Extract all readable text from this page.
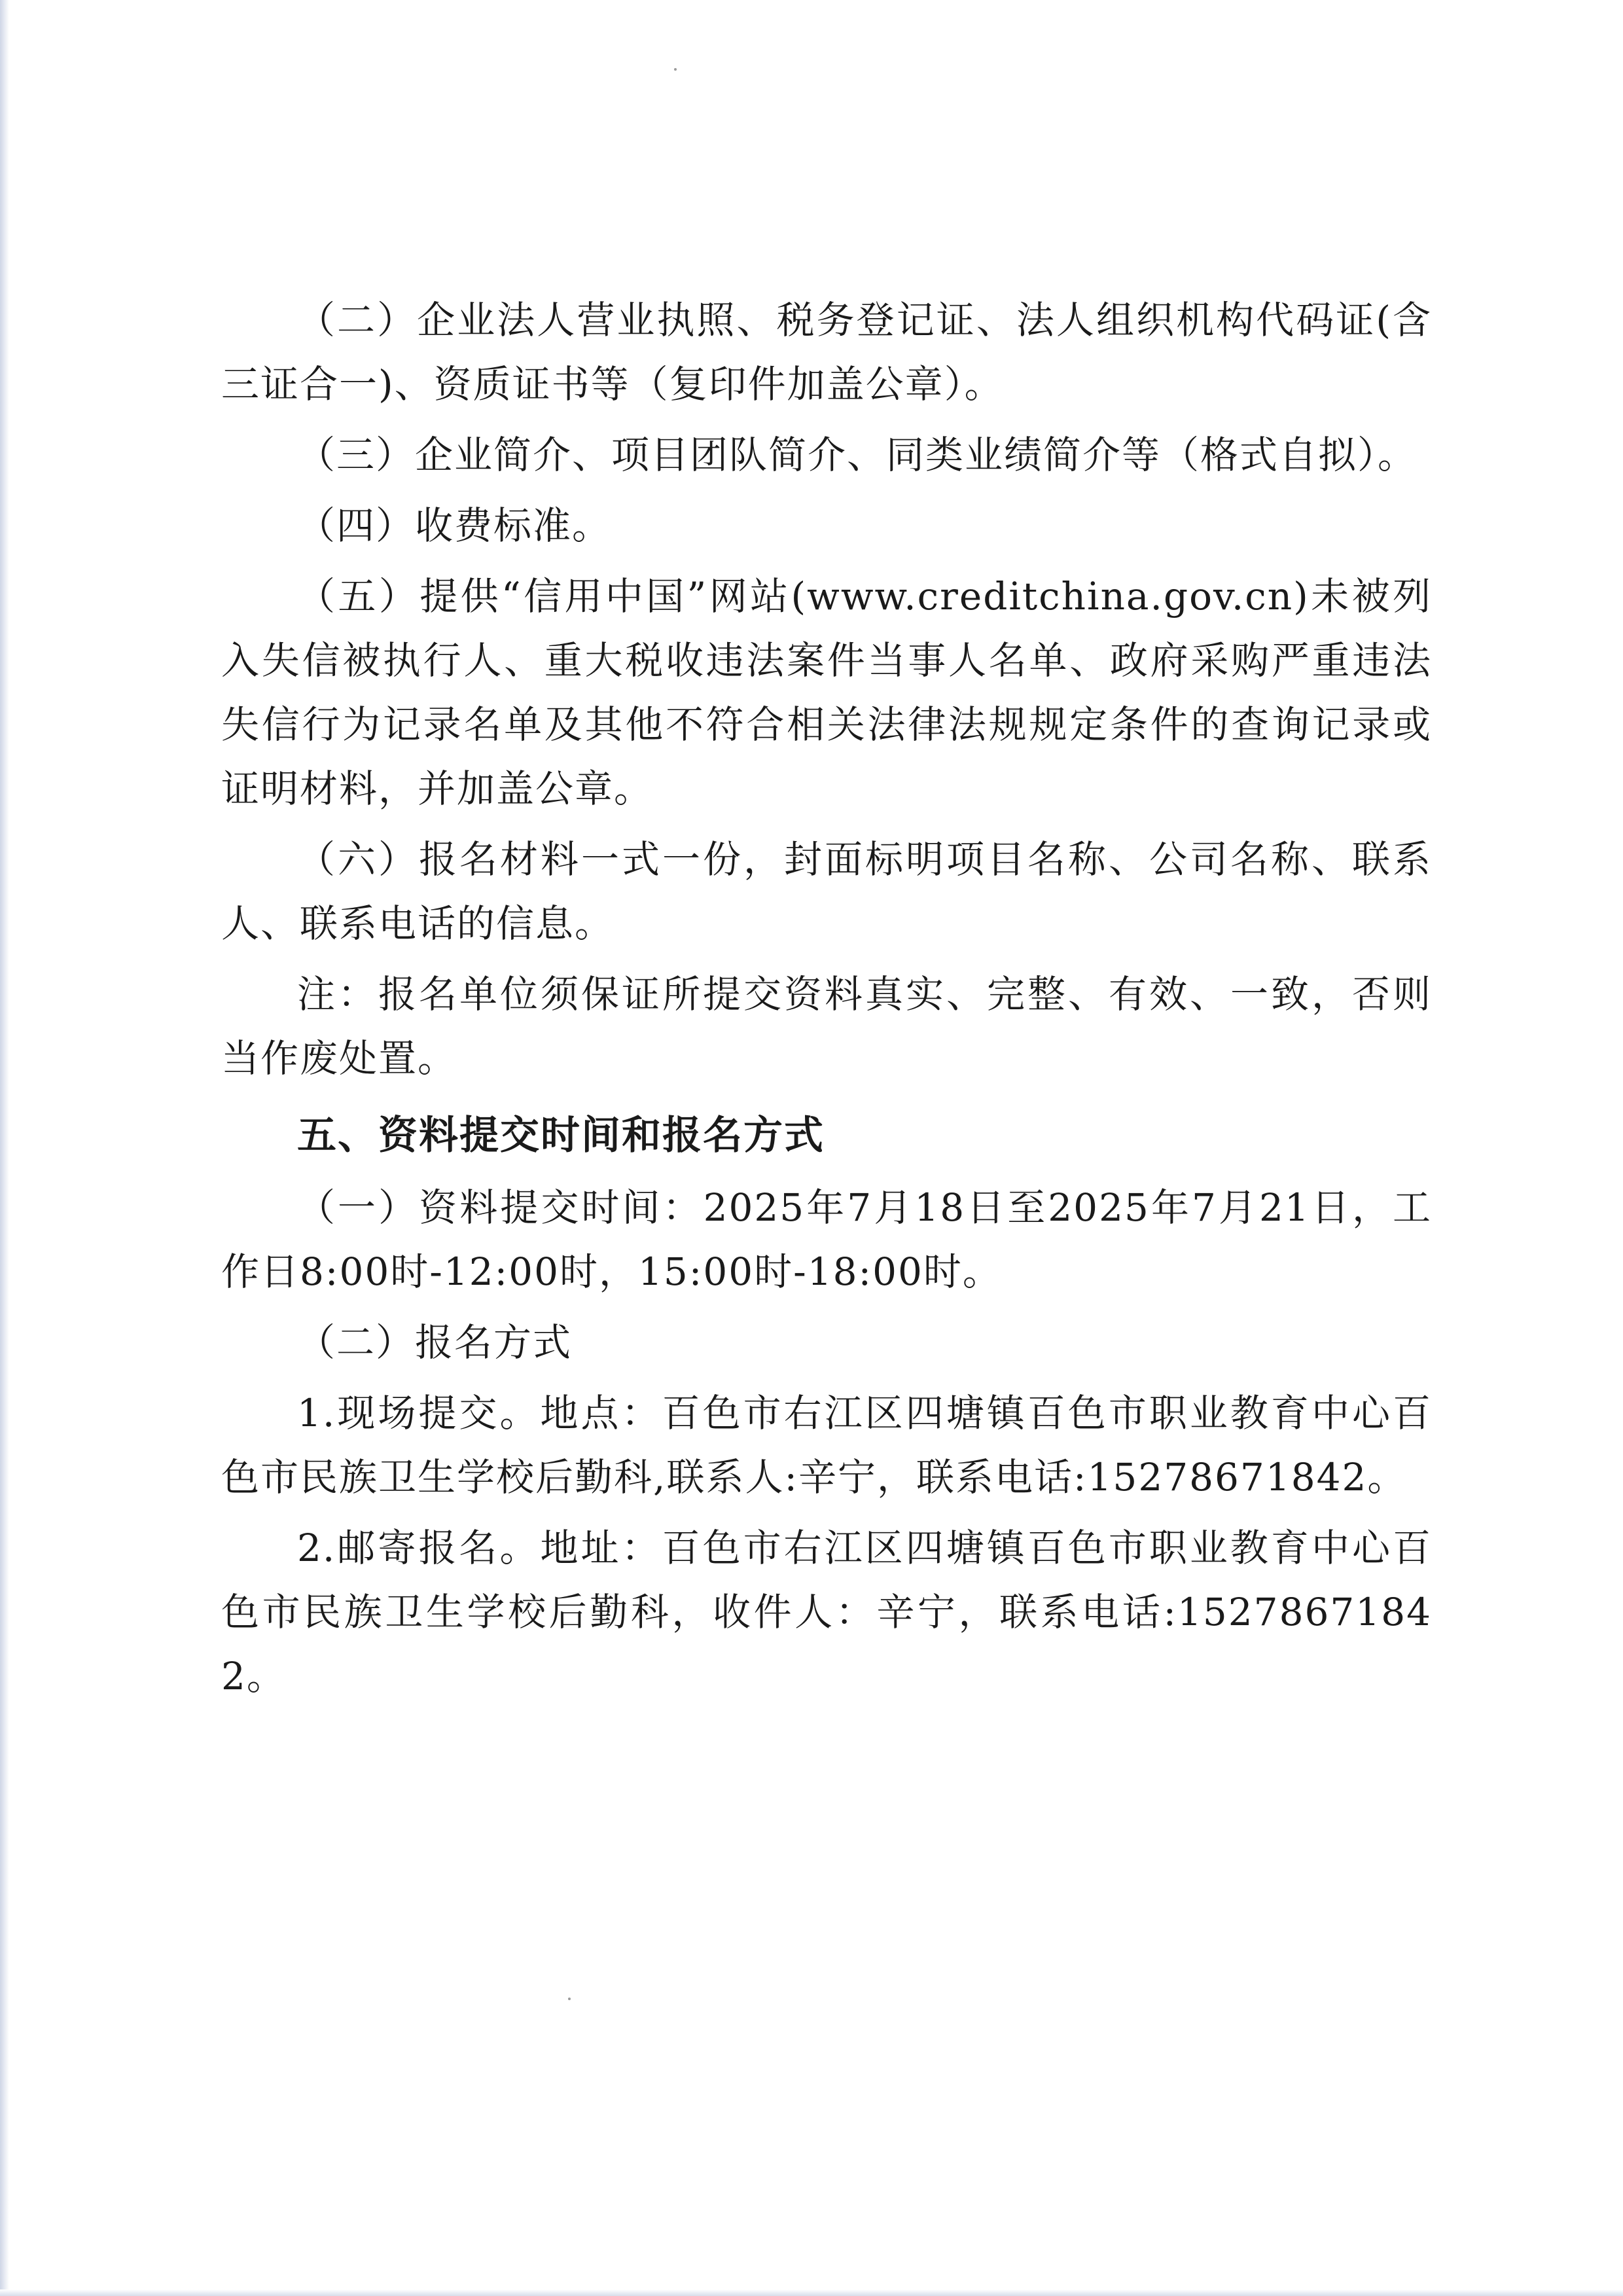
（二）企业法人营业执照、税务登记证、法人组织机构代码证(含三证合一)、资质证书等（复印件加盖公章）。

（三）企业简介、项目团队简介、同类业绩简介等（格式自拟）。

（四）收费标准。

（五）提供“信用中国”网站(www.creditchina.gov.cn)未被列入失信被执行人、重大税收违法案件当事人名单、政府采购严重违法失信行为记录名单及其他不符合相关法律法规规定条件的查询记录或证明材料，并加盖公章。

（六）报名材料一式一份，封面标明项目名称、公司名称、联系人、联系电话的信息。

注：报名单位须保证所提交资料真实、完整、有效、一致，否则当作废处置。

五、资料提交时间和报名方式

（一）资料提交时间：2025年7月18日至2025年7月21日，工作日8:00时-12:00时，15:00时-18:00时。

（二）报名方式

1.现场提交。地点：百色市右江区四塘镇百色市职业教育中心百色市民族卫生学校后勤科,联系人:辛宁，联系电话:15278671842。

2.邮寄报名。地址：百色市右江区四塘镇百色市职业教育中心百色市民族卫生学校后勤科，收件人：辛宁，联系电话:15278671842。
